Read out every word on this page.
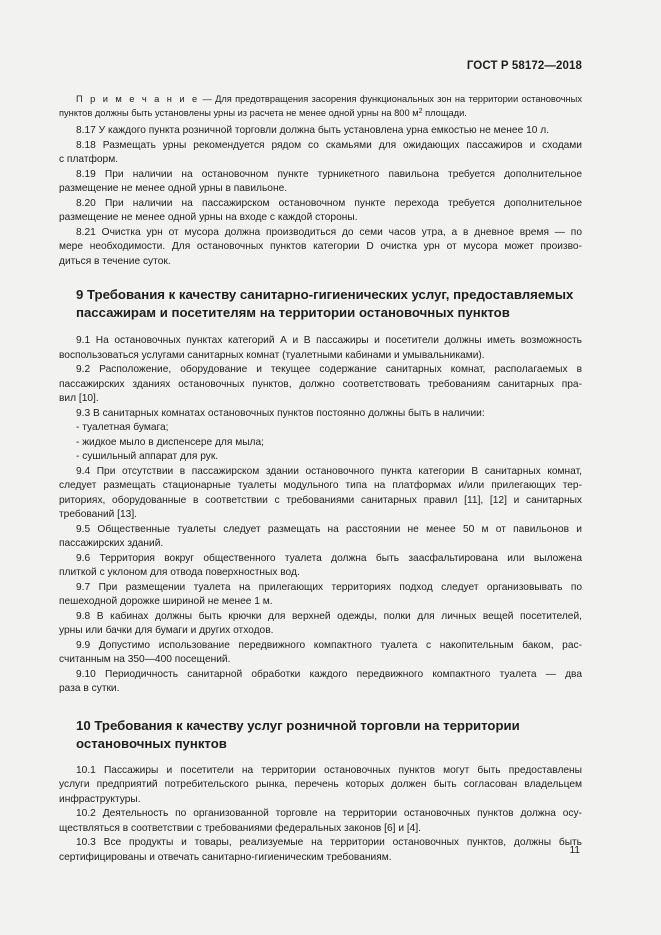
ГОСТ Р 58172—2018

П р и м е ч а н и е — Для предотвращения засорения функциональных зон на территории остановочных пунктов должны быть установлены урны из расчета не менее одной урны на 800 $м^2$ площади.

8.17 У каждого пункта розничной торговли должна быть установлена урна емкостью не менее 10 л.
8.18 Размещать урны рекомендуется рядом со скамьями для ожидающих пассажиров и сходами
с платформ.
8.19 При наличии на остановочном пункте турникетного павильона требуется дополнительное
размещение не менее одной урны в павильоне.
8.20 При наличии на пассажирском остановочном пункте перехода требуется дополнительное
размещение не менее одной урны на входе с каждой стороны.
8.21 Очистка урн от мусора должна производиться до семи часов утра, а в дневное время — по
мере необходимости. Для остановочных пунктов категории D очистка урн от мусора может произво-
диться в течение суток.
9 Требования к качеству санитарно-гигиенических услуг, предоставляемых
пассажирам и посетителям на территории остановочных пунктов
9.1 На остановочных пунктах категорий А и В пассажиры и посетители должны иметь возможность
воспользоваться услугами санитарных комнат (туалетными кабинами и умывальниками).
9.2 Расположение, оборудование и текущее содержание санитарных комнат, располагаемых в
пассажирских зданиях остановочных пунктов, должно соответствовать требованиям санитарных пра-
вил [10].
9.3 В санитарных комнатах остановочных пунктов постоянно должны быть в наличии:
- туалетная бумага;
- жидкое мыло в диспенсере для мыла;
- сушильный аппарат для рук.
9.4 При отсутствии в пассажирском здании остановочного пункта категории В санитарных комнат,
следует размещать стационарные туалеты модульного типа на платформах и/или прилегающих тер-
риториях, оборудованные в соответствии с требованиями санитарных правил [11], [12] и санитарных
требований [13].
9.5 Общественные туалеты следует размещать на расстоянии не менее 50 м от павильонов и
пассажирских зданий.
9.6 Территория вокруг общественного туалета должна быть заасфальтирована или выложена
плиткой с уклоном для отвода поверхностных вод.
9.7 При размещении туалета на прилегающих территориях подход следует организовывать по
пешеходной дорожке шириной не менее 1 м.
9.8 В кабинах должны быть крючки для верхней одежды, полки для личных вещей посетителей,
урны или бачки для бумаги и других отходов.
9.9 Допустимо использование передвижного компактного туалета с накопительным баком, рас-
считанным на 350—400 посещений.
9.10 Периодичность санитарной обработки каждого передвижного компактного туалета — два
раза в сутки.
10 Требования к качеству услуг розничной торговли на территории
остановочных пунктов
10.1 Пассажиры и посетители на территории остановочных пунктов могут быть предоставлены
услуги предприятий потребительского рынка, перечень которых должен быть согласован владельцем
инфраструктуры.
10.2 Деятельность по организованной торговле на территории остановочных пунктов должна осу-
ществляться в соответствии с требованиями федеральных законов [6] и [4].
10.3 Все продукты и товары, реализуемые на территории остановочных пунктов, должны быть
сертифицированы и отвечать санитарно-гигиеническим требованиям.
11
